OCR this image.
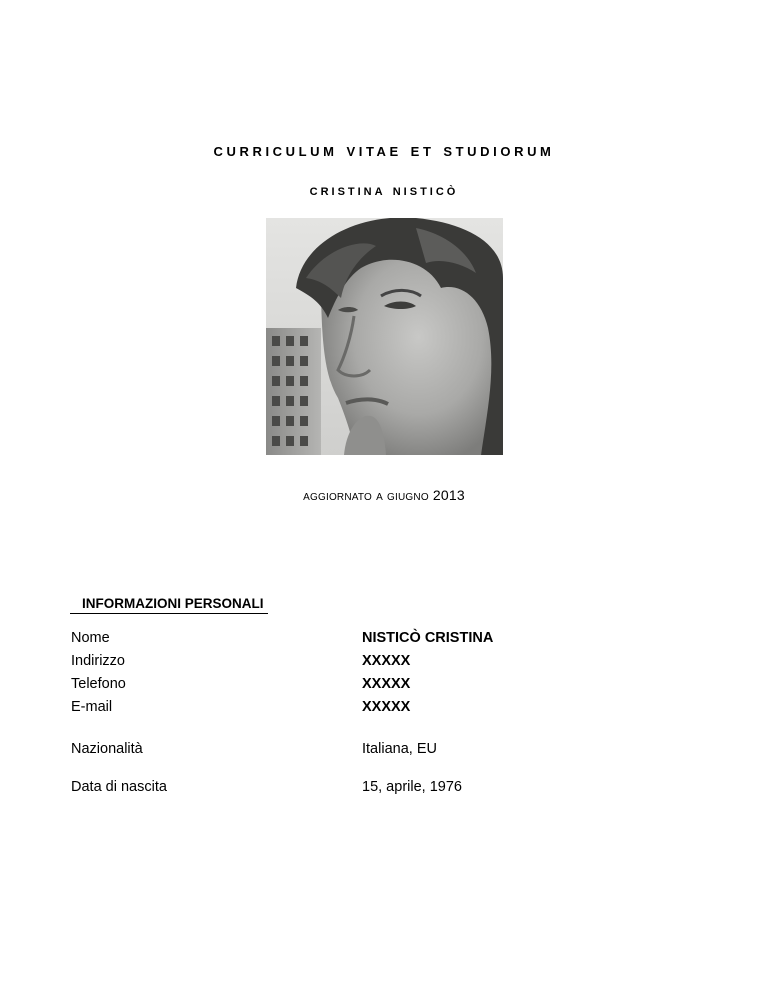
curriculum vitae et studiorum
cristina nisticò
aggiornato a giugno 2013
INFORMAZIONI PERSONALI
Nome	NISTICÒ CRISTINA
Indirizzo	XXXXX
Telefono	XXXXX
E-mail	XXXXX
Nazionalità	Italiana, EU
Data di nascita	15, aprile, 1976
